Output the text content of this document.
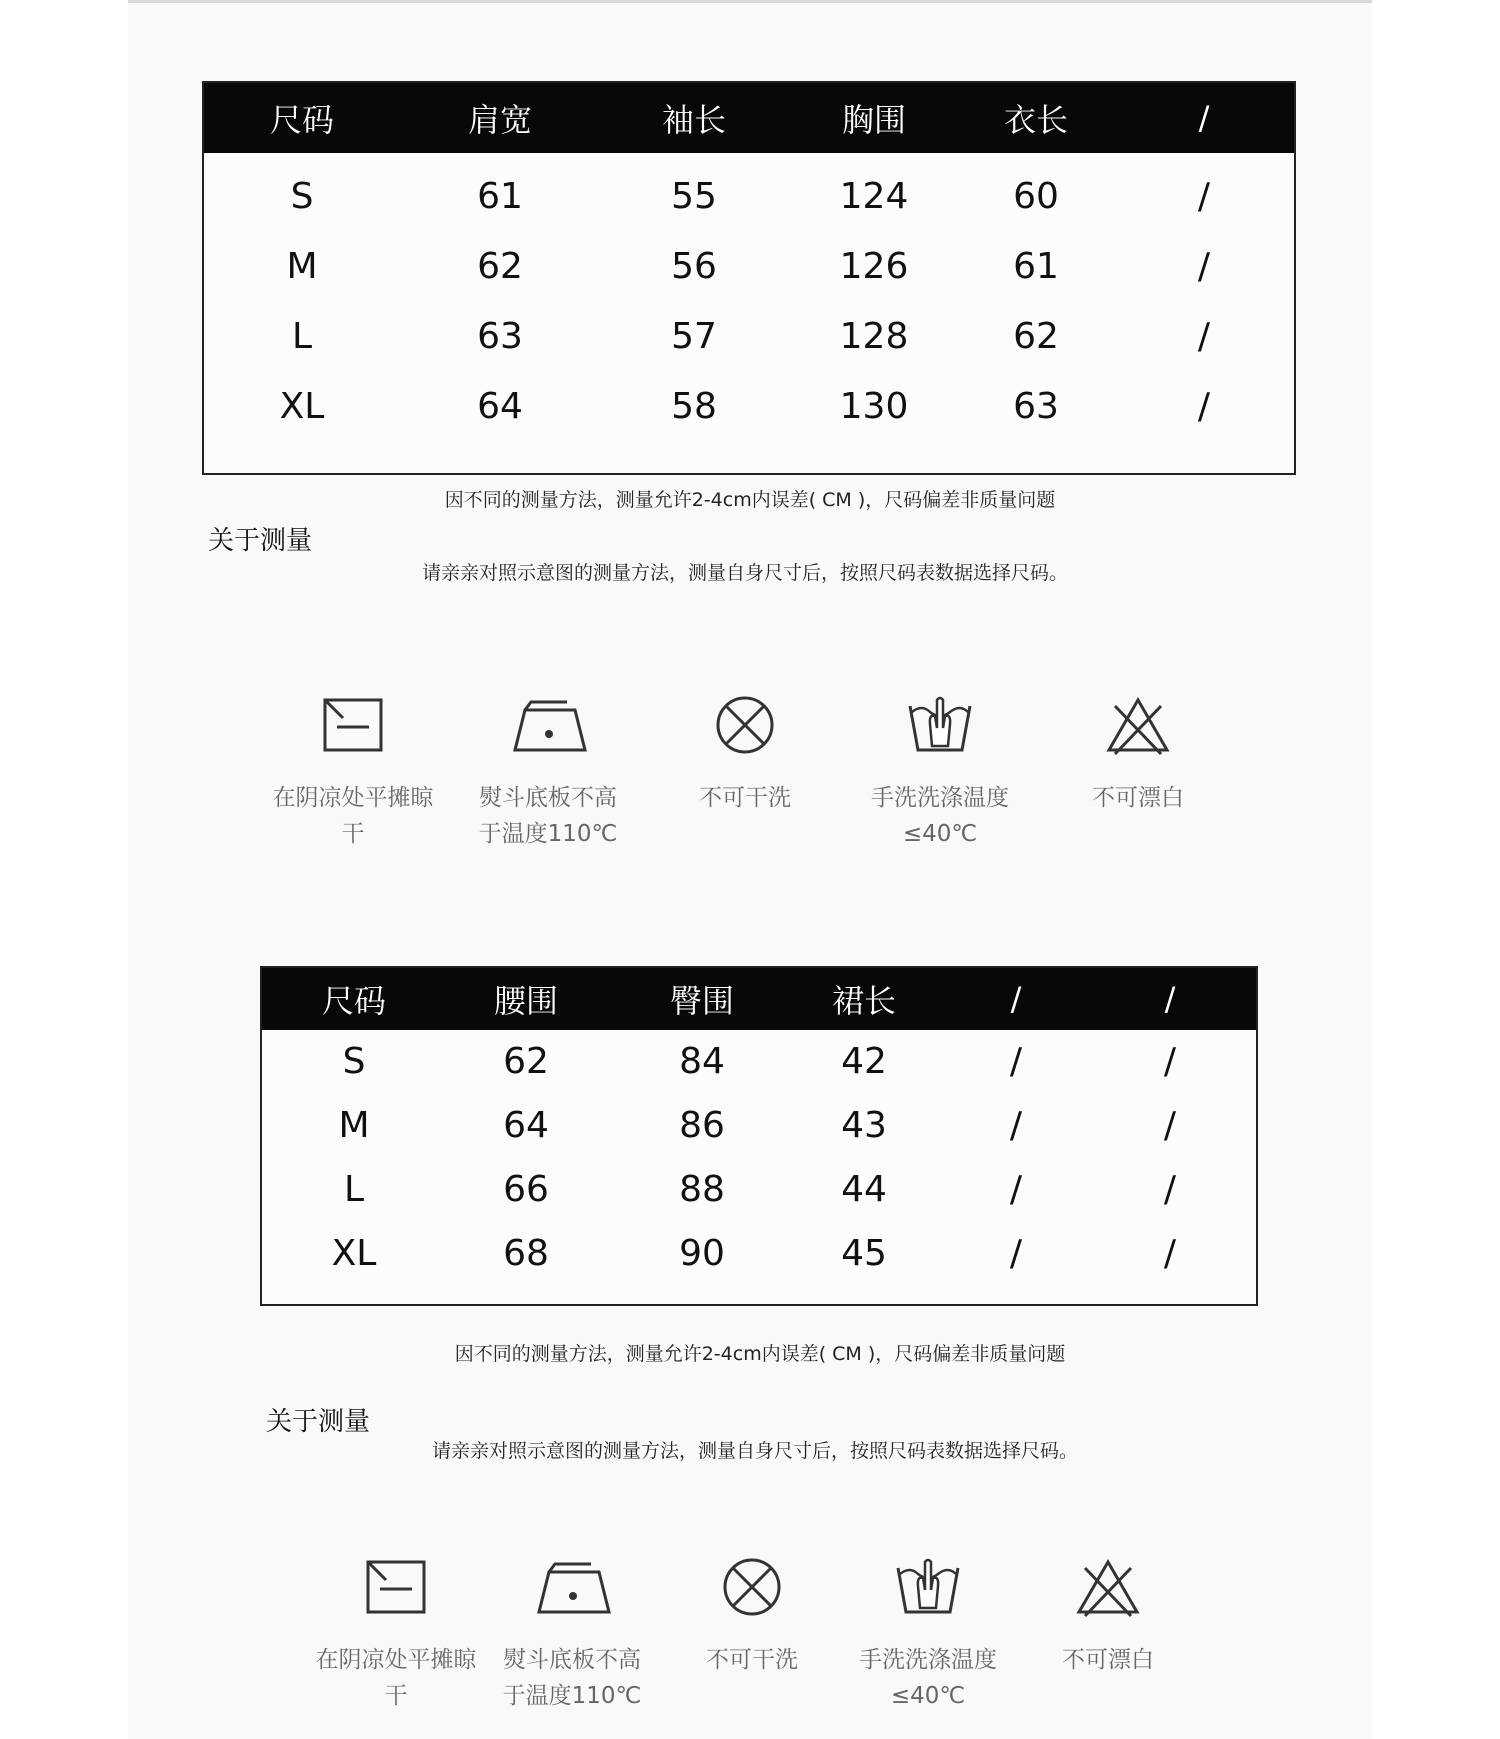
尺码	肩宽	袖长	胸围	衣长	/
S	61	55	124	60	/
M	62	56	126	61	/
L	63	57	128	62	/
XL	64	58	130	63	/
因不同的测量方法，测量允许2-4cm内误差( CM )，尺码偏差非质量问题
关于测量
请亲亲对照示意图的测量方法，测量自身尺寸后，按照尺码表数据选择尺码。
在阴凉处平摊晾干
熨斗底板不高于温度110℃
不可干洗	手洗洗涤温度≤40℃
不可漂白
尺码	腰围	臀围	裙长	/	/
S	62	84	42	/	/
M	64	86	43	/	/
L	66	88	44	/	/
XL	68	90	45	/	/
因不同的测量方法，测量允许2-4cm内误差( CM )，尺码偏差非质量问题
关于测量
请亲亲对照示意图的测量方法，测量自身尺寸后，按照尺码表数据选择尺码。
在阴凉处平摊晾干
熨斗底板不高于温度110℃
不可干洗	手洗洗涤温度≤40℃
不可漂白
